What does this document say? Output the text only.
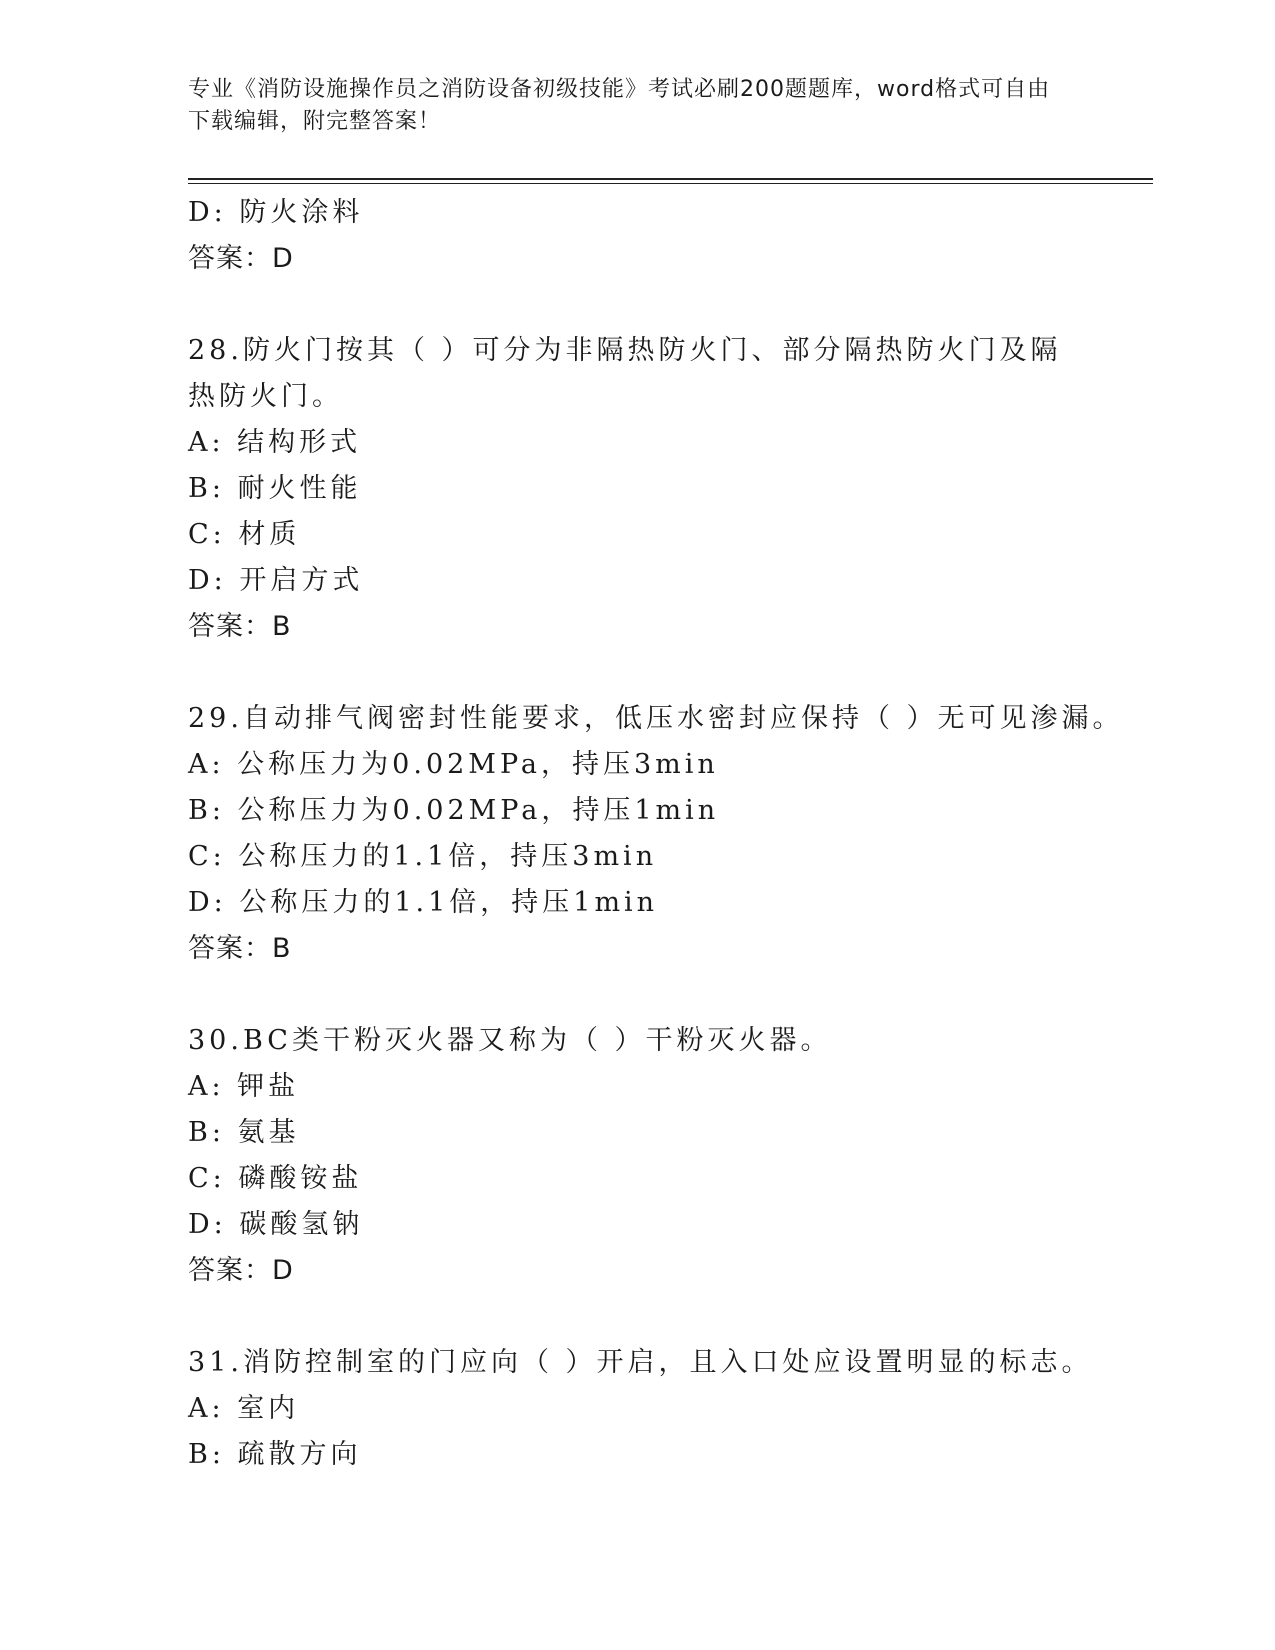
专业《消防设施操作员之消防设备初级技能》考试必刷200题题库，word格式可自由下载编辑，附完整答案！
D: 防火涂料
答案：D
28.防火门按其（ ）可分为非隔热防火门、部分隔热防火门及隔热防火门。
A: 结构形式
B: 耐火性能
C: 材质
D: 开启方式
答案：B
29.自动排气阀密封性能要求，低压水密封应保持（ ）无可见渗漏。
A: 公称压力为0.02MPa，持压3min
B: 公称压力为0.02MPa，持压1min
C: 公称压力的1.1倍，持压3min
D: 公称压力的1.1倍，持压1min
答案：B
30.BC类干粉灭火器又称为（ ）干粉灭火器。
A: 钾盐
B: 氨基
C: 磷酸铵盐
D: 碳酸氢钠
答案：D
31.消防控制室的门应向（ ）开启，且入口处应设置明显的标志。
A: 室内
B: 疏散方向
